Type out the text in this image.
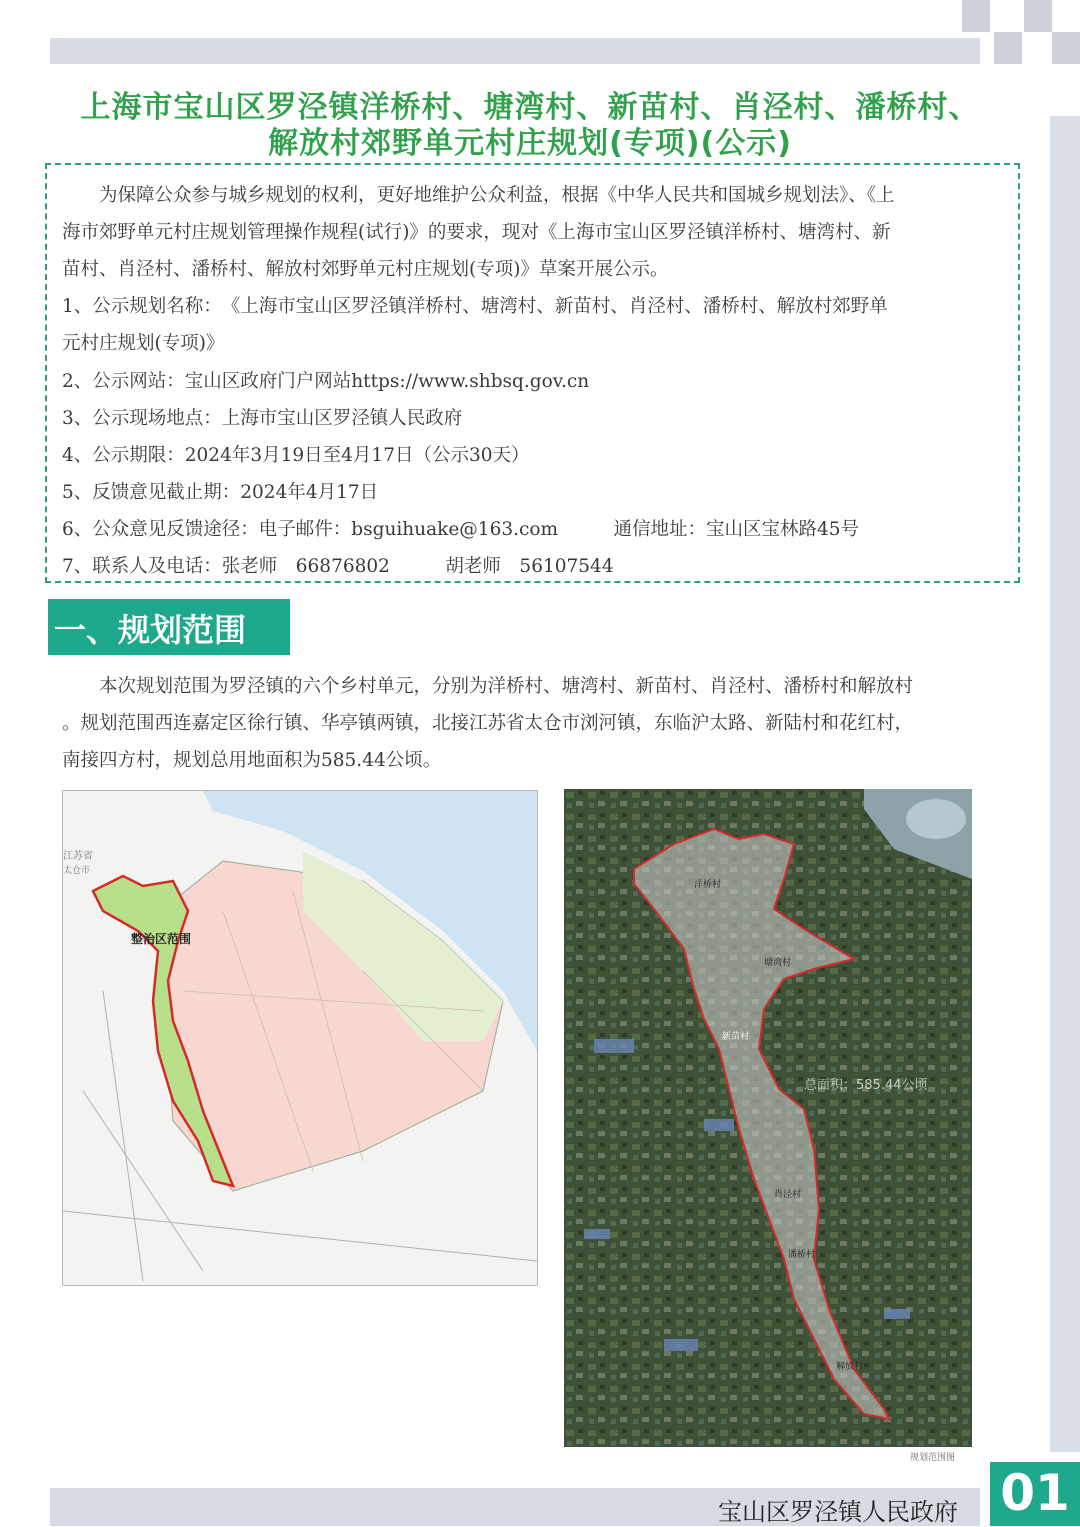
上海市宝山区罗泾镇洋桥村、塘湾村、新苗村、肖泾村、潘桥村、
解放村郊野单元村庄规划(专项)(公示)
　　为保障公众参与城乡规划的权利，更好地维护公众利益，根据《中华人民共和国城乡规划法》、《上
海市郊野单元村庄规划管理操作规程(试行)》的要求，现对《上海市宝山区罗泾镇洋桥村、塘湾村、新
苗村、肖泾村、潘桥村、解放村郊野单元村庄规划(专项)》草案开展公示。
1、公示规划名称：　《上海市宝山区罗泾镇洋桥村、塘湾村、新苗村、肖泾村、潘桥村、解放村郊野单
元村庄规划(专项)》
2、公示网站：宝山区政府门户网站https://www.shbsq.gov.cn
3、公示现场地点：上海市宝山区罗泾镇人民政府
4、公示期限：2024年3月19日至4月17日（公示30天）
5、反馈意见截止期：2024年4月17日
6、公众意见反馈途径：电子邮件：bsguihuake@163.com　　　通信地址：宝山区宝林路45号
7、联系人及电话：张老师　66876802　　　胡老师　56107544
一、规划范围
　　本次规划范围为罗泾镇的六个乡村单元，分别为洋桥村、塘湾村、新苗村、肖泾村、潘桥村和解放村
。规划范围西连嘉定区徐行镇、华亭镇两镇，北接江苏省太仓市浏河镇，东临沪太路、新陆村和花红村，
南接四方村，规划总用地面积为585.44公顷。
江苏省
太仓市
整治区范围
洋桥村
塘湾村
新苗村
肖泾村
潘桥村
解放村
总面积：585.44公顷
规划范围图
宝山区罗泾镇人民政府 01
